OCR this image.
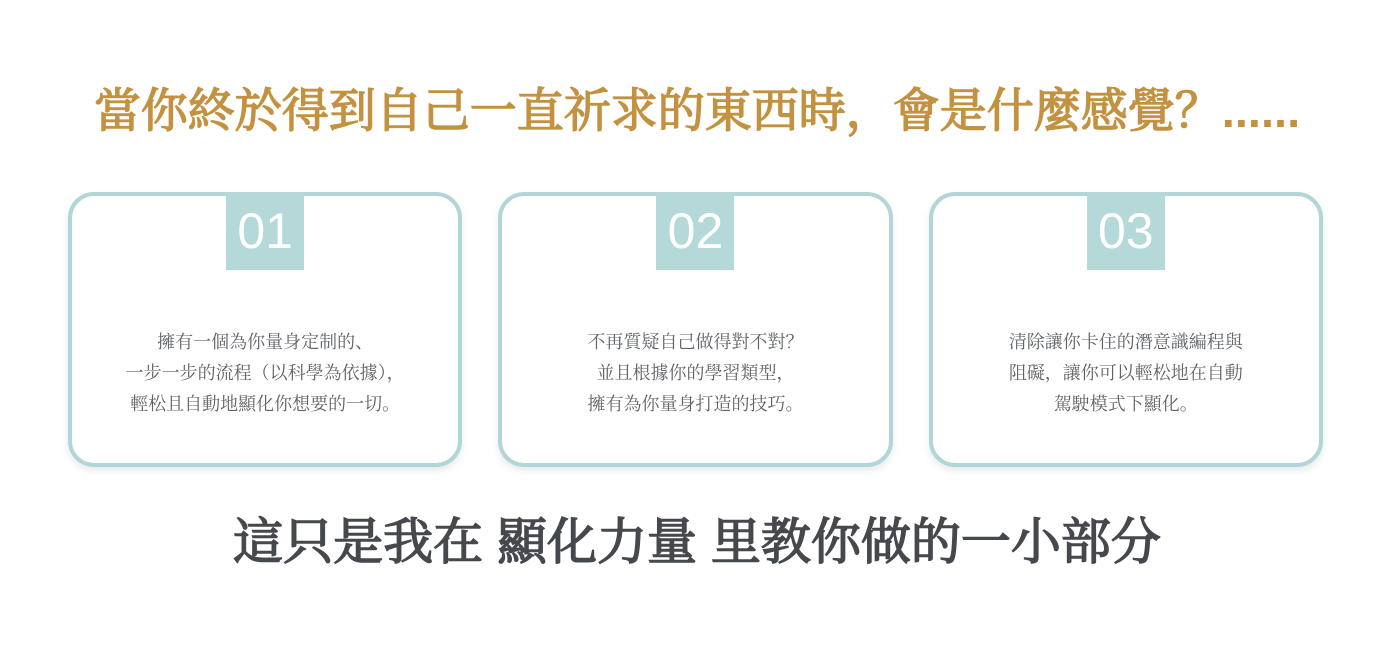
當你終於得到自己一直祈求的東西時，會是什麼感覺？......
01
擁有一個為你量身定制的、
一步一步的流程（以科學為依據），
輕松且自動地顯化你想要的一切。
02
不再質疑自己做得對不對？
並且根據你的學習類型，
擁有為你量身打造的技巧。
03
清除讓你卡住的潛意識編程與
阻礙，讓你可以輕松地在自動
駕駛模式下顯化。
這只是我在 顯化力量 里教你做的一小部分
